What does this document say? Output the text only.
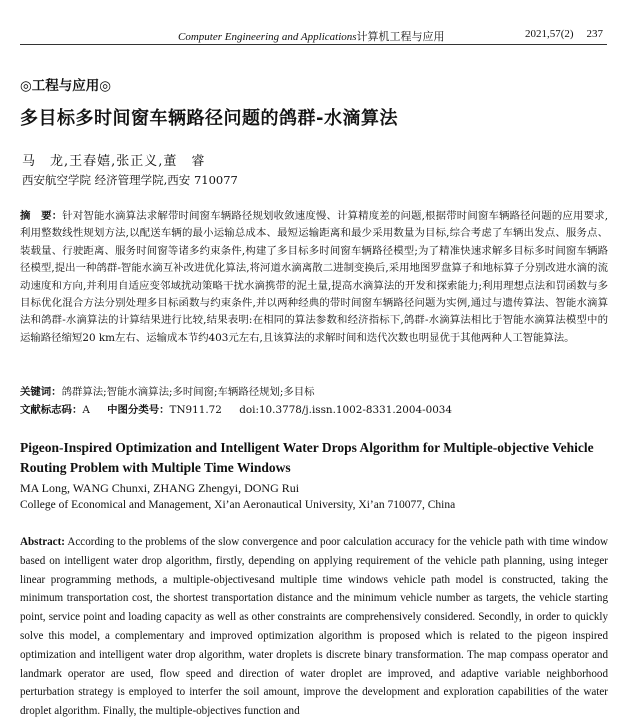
Computer Engineering and Applications计算机工程与应用	2021,57(2) 237
◎工程与应用◎
多目标多时间窗车辆路径问题的鸽群-水滴算法
马　龙,王春嬉,张正义,董　睿
西安航空学院 经济管理学院,西安 710077

摘　要：针对智能水滴算法求解带时间窗车辆路径规划收敛速度慢、计算精度差的问题,根据带时间窗车辆路径问题的应用要求,利用整数线性规划方法,以配送车辆的最小运输总成本、最短运输距离和最少采用数量为目标,综合考虑了车辆出发点、服务点、装载量、行驶距离、服务时间窗等诸多约束条件,构建了多目标多时间窗车辆路径模型;为了精准快速求解多目标多时间窗车辆路径模型,提出一种鸽群-智能水滴互补改进优化算法,将河道水滴离散二进制变换后,采用地图罗盘算子和地标算子分别改进水滴的流动速度和方向,并利用自适应变邻域扰动策略干扰水滴携带的泥土量,提高水滴算法的开发和探索能力;利用理想点法和罚函数与多目标优化混合方法分别处理多目标函数与约束条件,并以两种经典的带时间窗车辆路径问题为实例,通过与遗传算法、智能水滴算法和鸽群-水滴算法的计算结果进行比较,结果表明:在相同的算法参数和经济指标下,鸽群-水滴算法相比于智能水滴算法模型中的运输路径缩短20 km左右、运输成本节约403元左右,且该算法的求解时间和迭代次数也明显优于其他两种人工智能算法。

关键词：鸽群算法;智能水滴算法;多时间窗;车辆路径规划;多目标
文献标志码：A 中图分类号：TN911.72 doi:10.3778/j.issn.1002-8331.2004-0034
Pigeon-Inspired Optimization and Intelligent Water Drops Algorithm for Multiple-objective Vehicle Routing Problem with Multiple Time Windows
MA Long, WANG Chunxi, ZHANG Zhengyi, DONG Rui
College of Economical and Management, Xi’an Aeronautical University, Xi’an 710077, China

Abstract: According to the problems of the slow convergence and poor calculation accuracy for the vehicle path with time window based on intelligent water drop algorithm, firstly, depending on applying requirement of the vehicle path planning, using integer linear programming methods, a multiple-objectivesand multiple time windows vehicle path model is constructed, taking the minimum transportation cost, the shortest transportation distance and the minimum vehicle number as targets, the vehicle starting point, service point and loading capacity as well as other constraints are comprehensively considered. Secondly, in order to quickly solve this model, a complementary and improved optimization algorithm is proposed which is related to the pigeon inspired optimization and intelligent water drop algorithm, water droplets is discrete binary transformation. The map compass operator and landmark operator are used, flow speed and direction of water droplet are improved, and adaptive variable neighborhood perturbation strategy is employed to interfer the soil amount, improve the development and exploration capabilities of the water droplet algorithm. Finally, the multiple-objectives function and
